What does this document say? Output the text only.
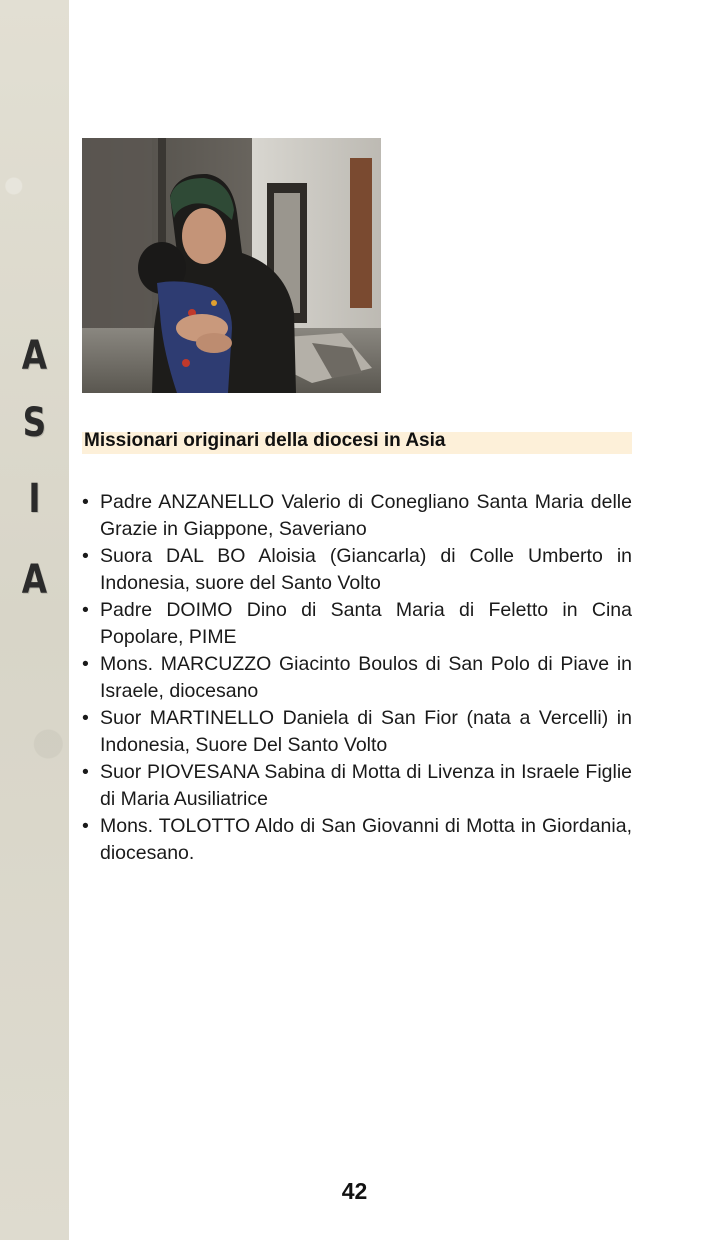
A
S
I
A
Missionari originari della diocesi in Asia
• Padre ANZANELLO Valerio di Conegliano Santa Maria delle Grazie in Giappone, Saveriano
• Suora DAL BO Aloisia (Giancarla) di Colle Umberto in Indonesia, suore del Santo Volto
• Padre DOIMO Dino di Santa Maria di Feletto in Cina Popolare, PIME
• Mons. MARCUZZO Giacinto Boulos di San Polo di Piave in Israele, diocesano
• Suor MARTINELLO Daniela di San Fior (nata a Vercelli) in Indonesia, Suore Del Santo Volto
• Suor PIOVESANA Sabina di Motta di Livenza in Israele Figlie di Maria Ausiliatrice
• Mons. TOLOTTO Aldo di San Giovanni di Motta in Giordania, diocesano.
42
